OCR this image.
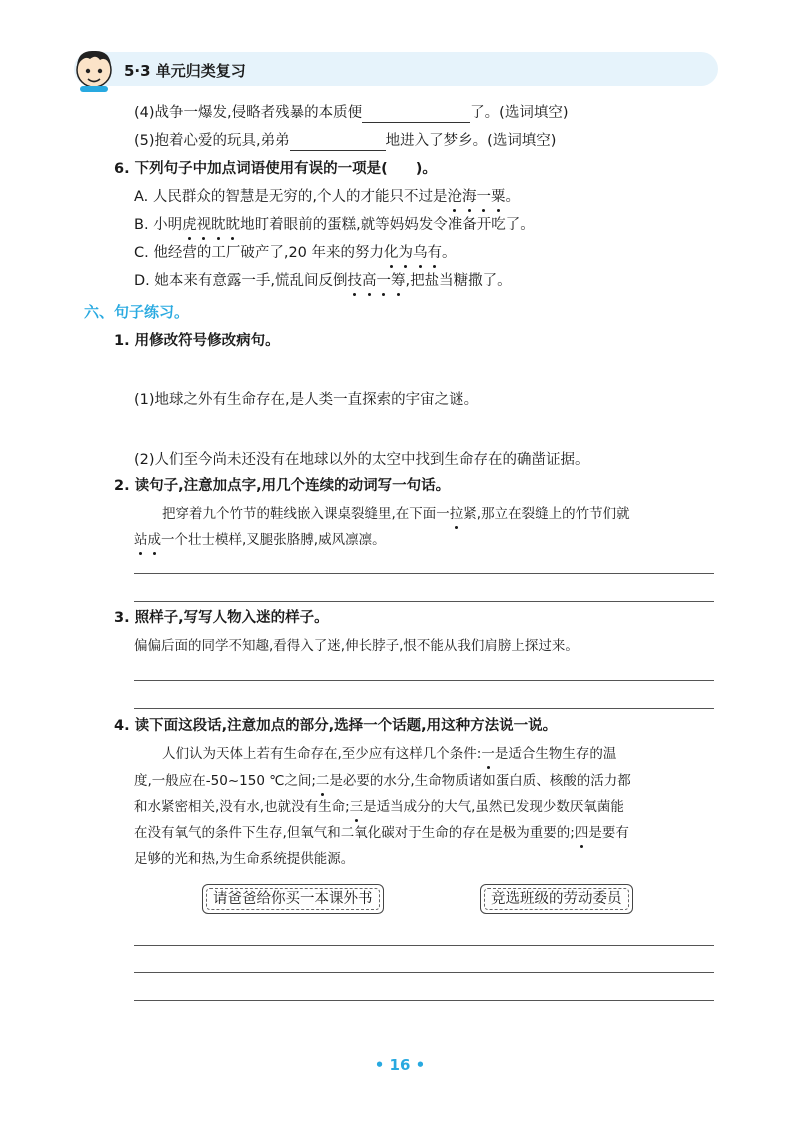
5·3 单元归类复习
(4)战争一爆发,侵略者残暴的本质便	了。(选词填空)
(5)抱着心爱的玩具,弟弟	地进入了梦乡。(选词填空)
6. 下列句子中加点词语使用有误的一项是( )。
A. 人民群众的智慧是无穷的,个人的才能只不过是沧海一粟。
B. 小明虎视眈眈地盯着眼前的蛋糕,就等妈妈发令准备开吃了。
C. 他经营的工厂破产了,20 年来的努力化为乌有。
D. 她本来有意露一手,慌乱间反倒技高一筹,把盐当糖撒了。
六、句子练习。
1. 用修改符号修改病句。
(1)地球之外有生命存在,是人类一直探索的宇宙之谜。
(2)人们至今尚未还没有在地球以外的太空中找到生命存在的确凿证据。
2. 读句子,注意加点字,用几个连续的动词写一句话。
把穿着九个竹节的鞋线嵌入课桌裂缝里,在下面一拉紧,那立在裂缝上的竹节们就
站成一个壮士模样,叉腿张胳膊,威风凛凛。
3. 照样子,写写人物入迷的样子。
偏偏后面的同学不知趣,看得入了迷,伸长脖子,恨不能从我们肩膀上探过来。
4. 读下面这段话,注意加点的部分,选择一个话题,用这种方法说一说。
人们认为天体上若有生命存在,至少应有这样几个条件:一是适合生物生存的温
度,一般应在-50~150 ℃之间;二是必要的水分,生命物质诸如蛋白质、核酸的活力都
和水紧密相关,没有水,也就没有生命;三是适当成分的大气,虽然已发现少数厌氧菌能
在没有氧气的条件下生存,但氧气和二氧化碳对于生命的存在是极为重要的;四是要有
足够的光和热,为生命系统提供能源。
请爸爸给你买一本课外书	竞选班级的劳动委员
• 16 •
